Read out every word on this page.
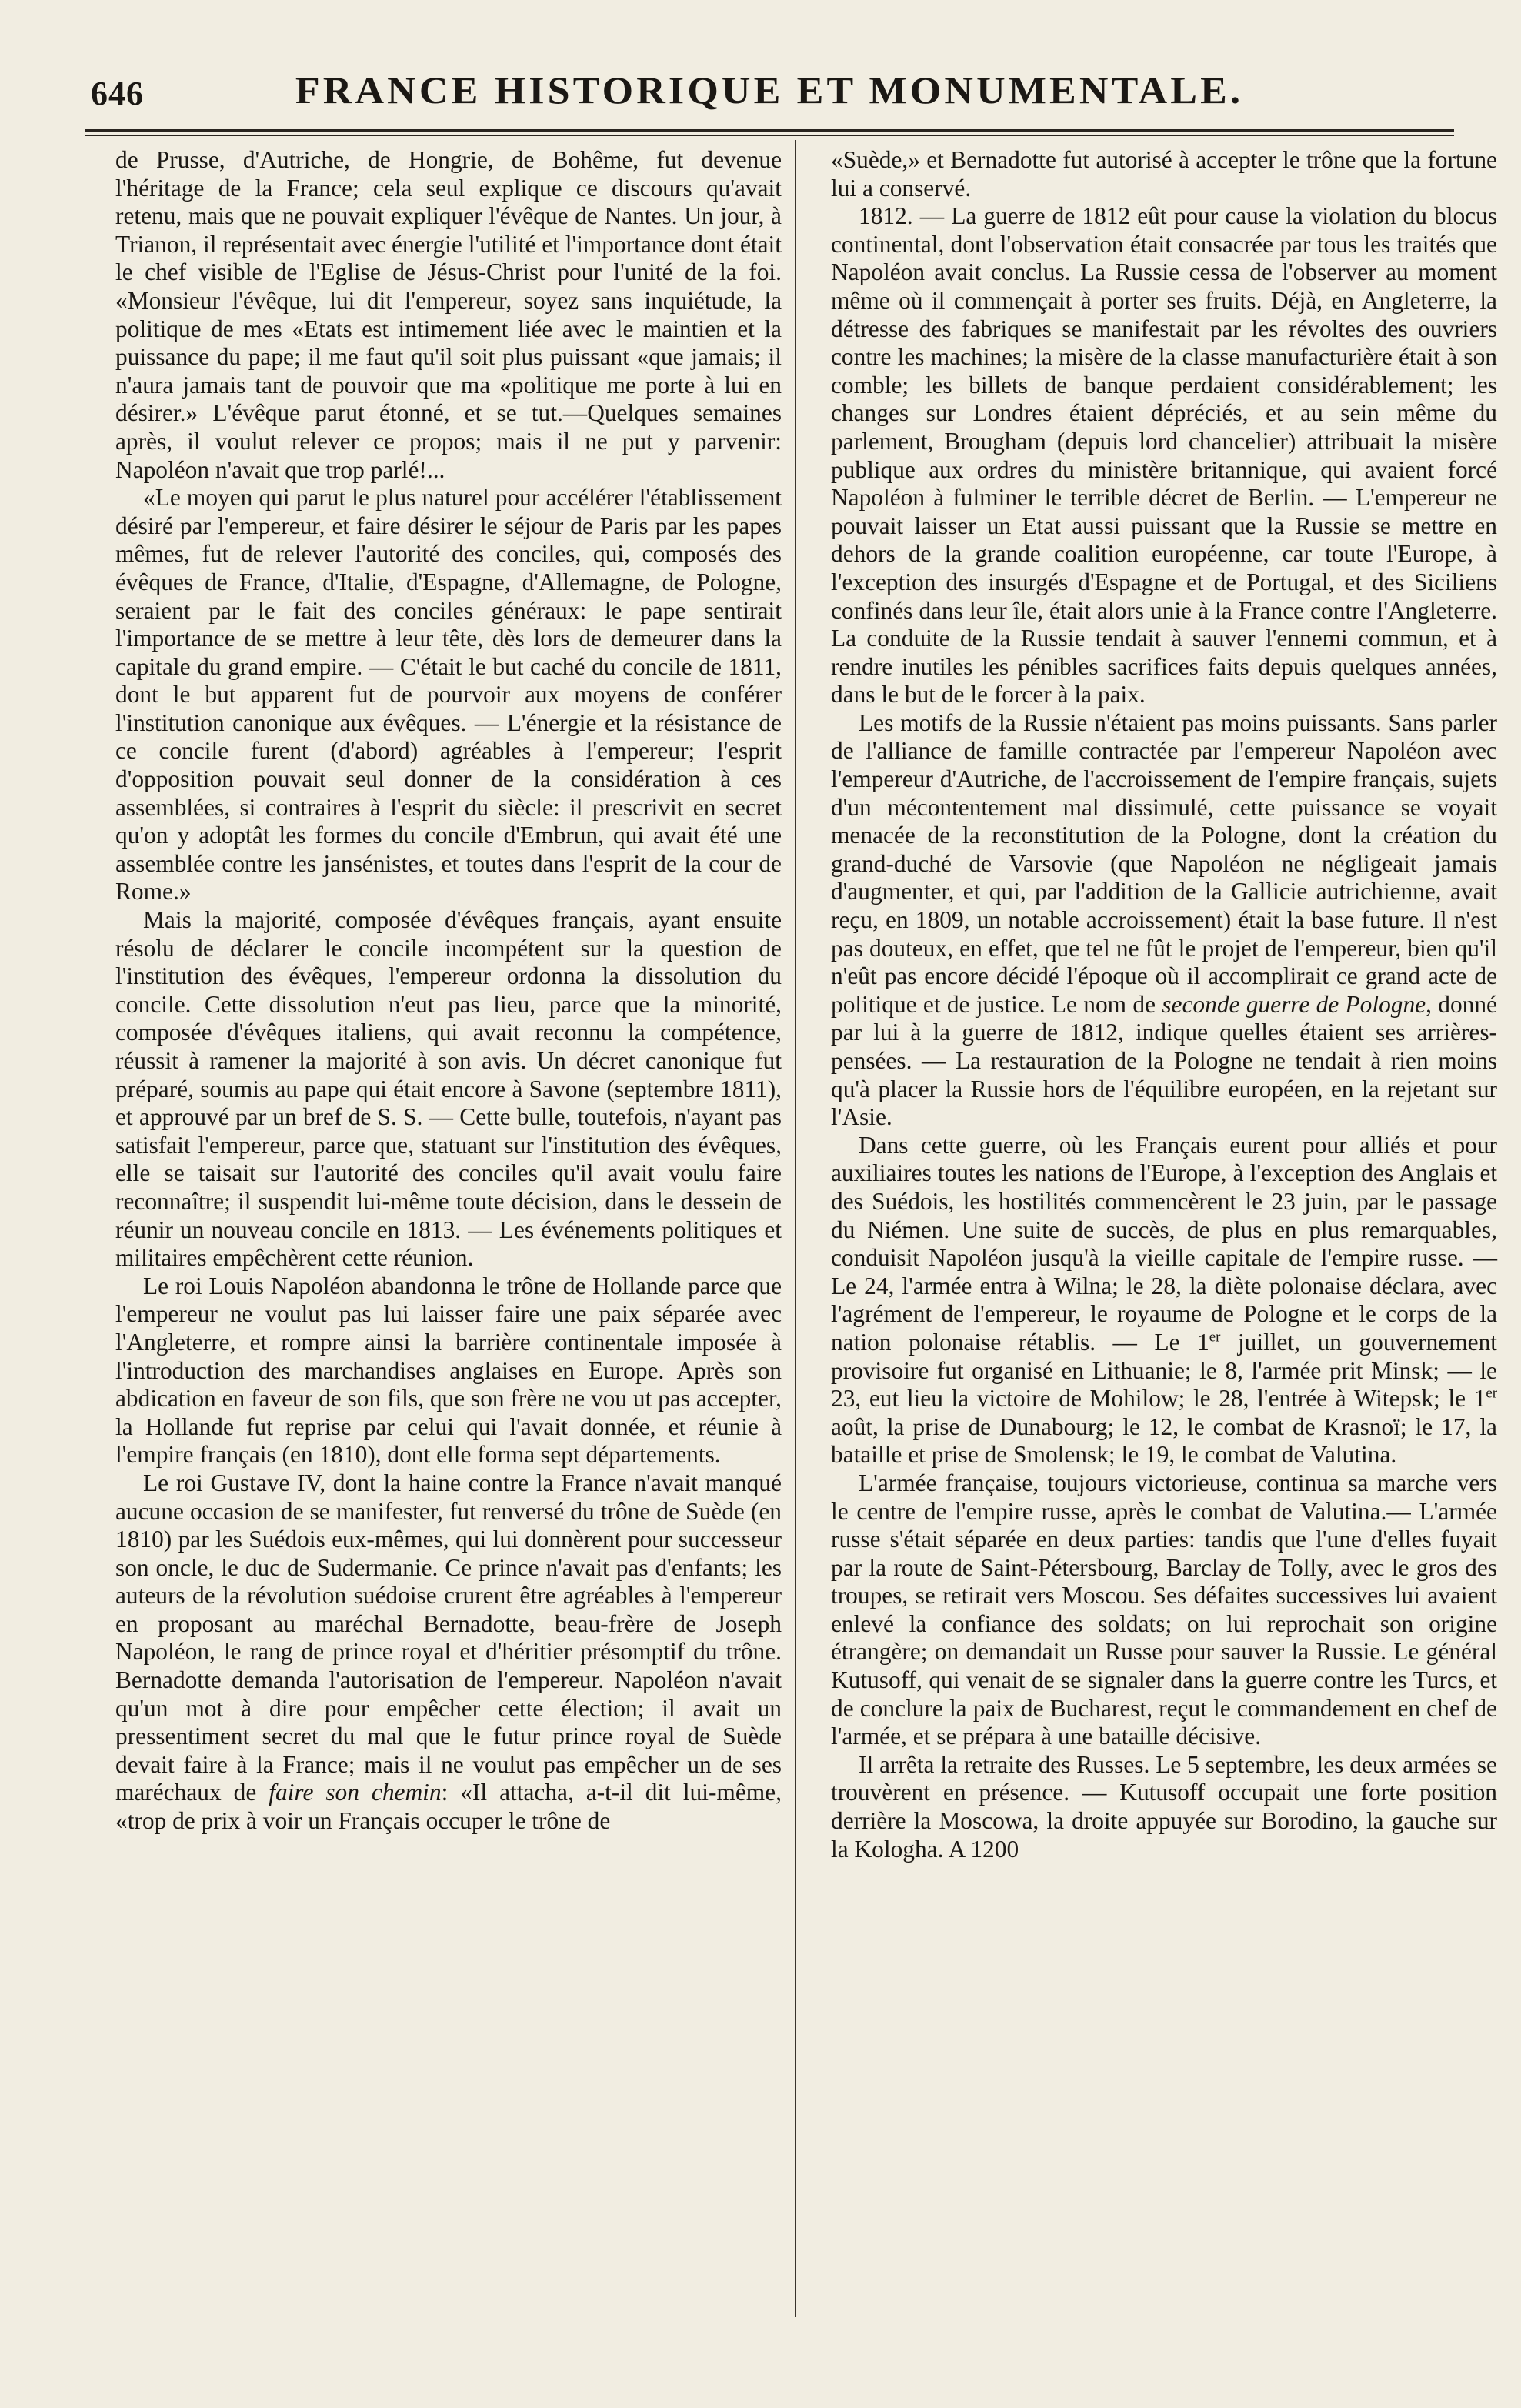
646	FRANCE HISTORIQUE ET MONUMENTALE.

de Prusse, d'Autriche, de Hongrie, de Bohême, fut devenue l'héritage de la France; cela seul explique ce discours qu'avait retenu, mais que ne pouvait expliquer l'évêque de Nantes. Un jour, à Trianon, il représentait avec énergie l'utilité et l'importance dont était le chef visible de l'Eglise de Jésus-Christ pour l'unité de la foi. «Monsieur l'évêque, lui dit l'empereur, soyez sans inquiétude, la politique de mes «Etats est intimement liée avec le maintien et la puissance du pape; il me faut qu'il soit plus puissant «que jamais; il n'aura jamais tant de pouvoir que ma «politique me porte à lui en désirer.» L'évêque parut étonné, et se tut.—Quelques semaines après, il voulut relever ce propos; mais il ne put y parvenir: Napoléon n'avait que trop parlé!...

«Le moyen qui parut le plus naturel pour accélérer l'établissement désiré par l'empereur, et faire désirer le séjour de Paris par les papes mêmes, fut de relever l'autorité des conciles, qui, composés des évêques de France, d'Italie, d'Espagne, d'Allemagne, de Pologne, seraient par le fait des conciles généraux: le pape sentirait l'importance de se mettre à leur tête, dès lors de demeurer dans la capitale du grand empire. — C'était le but caché du concile de 1811, dont le but apparent fut de pourvoir aux moyens de conférer l'institution canonique aux évêques. — L'énergie et la résistance de ce concile furent (d'abord) agréables à l'empereur; l'esprit d'opposition pouvait seul donner de la considération à ces assemblées, si contraires à l'esprit du siècle: il prescrivit en secret qu'on y adoptât les formes du concile d'Embrun, qui avait été une assemblée contre les jansénistes, et toutes dans l'esprit de la cour de Rome.»

Mais la majorité, composée d'évêques français, ayant ensuite résolu de déclarer le concile incompétent sur la question de l'institution des évêques, l'empereur ordonna la dissolution du concile. Cette dissolution n'eut pas lieu, parce que la minorité, composée d'évêques italiens, qui avait reconnu la compétence, réussit à ramener la majorité à son avis. Un décret canonique fut préparé, soumis au pape qui était encore à Savone (septembre 1811), et approuvé par un bref de S. S. — Cette bulle, toutefois, n'ayant pas satisfait l'empereur, parce que, statuant sur l'institution des évêques, elle se taisait sur l'autorité des conciles qu'il avait voulu faire reconnaître; il suspendit lui-même toute décision, dans le dessein de réunir un nouveau concile en 1813. — Les événements politiques et militaires empêchèrent cette réunion.

Le roi Louis Napoléon abandonna le trône de Hollande parce que l'empereur ne voulut pas lui laisser faire une paix séparée avec l'Angleterre, et rompre ainsi la barrière continentale imposée à l'introduction des marchandises anglaises en Europe. Après son abdication en faveur de son fils, que son frère ne vou ut pas accepter, la Hollande fut reprise par celui qui l'avait donnée, et réunie à l'empire français (en 1810), dont elle forma sept départements.

Le roi Gustave IV, dont la haine contre la France n'avait manqué aucune occasion de se manifester, fut renversé du trône de Suède (en 1810) par les Suédois eux-mêmes, qui lui donnèrent pour successeur son oncle, le duc de Sudermanie. Ce prince n'avait pas d'enfants; les auteurs de la révolution suédoise crurent être agréables à l'empereur en proposant au maréchal Bernadotte, beau-frère de Joseph Napoléon, le rang de prince royal et d'héritier présomptif du trône. Bernadotte demanda l'autorisation de l'empereur. Napoléon n'avait qu'un mot à dire pour empêcher cette élection; il avait un pressentiment secret du mal que le futur prince royal de Suède devait faire à la France; mais il ne voulut pas empêcher un de ses maréchaux de faire son chemin: «Il attacha, a-t-il dit lui-même, «trop de prix à voir un Français occuper le trône de

«Suède,» et Bernadotte fut autorisé à accepter le trône que la fortune lui a conservé.

1812. — La guerre de 1812 eût pour cause la violation du blocus continental, dont l'observation était consacrée par tous les traités que Napoléon avait conclus. La Russie cessa de l'observer au moment même où il commençait à porter ses fruits. Déjà, en Angleterre, la détresse des fabriques se manifestait par les révoltes des ouvriers contre les machines; la misère de la classe manufacturière était à son comble; les billets de banque perdaient considérablement; les changes sur Londres étaient dépréciés, et au sein même du parlement, Brougham (depuis lord chancelier) attribuait la misère publique aux ordres du ministère britannique, qui avaient forcé Napoléon à fulminer le terrible décret de Berlin. — L'empereur ne pouvait laisser un Etat aussi puissant que la Russie se mettre en dehors de la grande coalition européenne, car toute l'Europe, à l'exception des insurgés d'Espagne et de Portugal, et des Siciliens confinés dans leur île, était alors unie à la France contre l'Angleterre. La conduite de la Russie tendait à sauver l'ennemi commun, et à rendre inutiles les pénibles sacrifices faits depuis quelques années, dans le but de le forcer à la paix.

Les motifs de la Russie n'étaient pas moins puissants. Sans parler de l'alliance de famille contractée par l'empereur Napoléon avec l'empereur d'Autriche, de l'accroissement de l'empire français, sujets d'un mécontentement mal dissimulé, cette puissance se voyait menacée de la reconstitution de la Pologne, dont la création du grand-duché de Varsovie (que Napoléon ne négligeait jamais d'augmenter, et qui, par l'addition de la Gallicie autrichienne, avait reçu, en 1809, un notable accroissement) était la base future. Il n'est pas douteux, en effet, que tel ne fût le projet de l'empereur, bien qu'il n'eût pas encore décidé l'époque où il accomplirait ce grand acte de politique et de justice. Le nom de seconde guerre de Pologne, donné par lui à la guerre de 1812, indique quelles étaient ses arrières-pensées. — La restauration de la Pologne ne tendait à rien moins qu'à placer la Russie hors de l'équilibre européen, en la rejetant sur l'Asie.

Dans cette guerre, où les Français eurent pour alliés et pour auxiliaires toutes les nations de l'Europe, à l'exception des Anglais et des Suédois, les hostilités commencèrent le 23 juin, par le passage du Niémen. Une suite de succès, de plus en plus remarquables, conduisit Napoléon jusqu'à la vieille capitale de l'empire russe. — Le 24, l'armée entra à Wilna; le 28, la diète polonaise déclara, avec l'agrément de l'empereur, le royaume de Pologne et le corps de la nation polonaise rétablis. — Le 1er juillet, un gouvernement provisoire fut organisé en Lithuanie; le 8, l'armée prit Minsk; — le 23, eut lieu la victoire de Mohilow; le 28, l'entrée à Witepsk; le 1er août, la prise de Dunabourg; le 12, le combat de Krasnoï; le 17, la bataille et prise de Smolensk; le 19, le combat de Valutina.

L'armée française, toujours victorieuse, continua sa marche vers le centre de l'empire russe, après le combat de Valutina.— L'armée russe s'était séparée en deux parties: tandis que l'une d'elles fuyait par la route de Saint-Pétersbourg, Barclay de Tolly, avec le gros des troupes, se retirait vers Moscou. Ses défaites successives lui avaient enlevé la confiance des soldats; on lui reprochait son origine étrangère; on demandait un Russe pour sauver la Russie. Le général Kutusoff, qui venait de se signaler dans la guerre contre les Turcs, et de conclure la paix de Bucharest, reçut le commandement en chef de l'armée, et se prépara à une bataille décisive.

Il arrêta la retraite des Russes. Le 5 septembre, les deux armées se trouvèrent en présence. — Kutusoff occupait une forte position derrière la Moscowa, la droite appuyée sur Borodino, la gauche sur la Kologha. A 1200
